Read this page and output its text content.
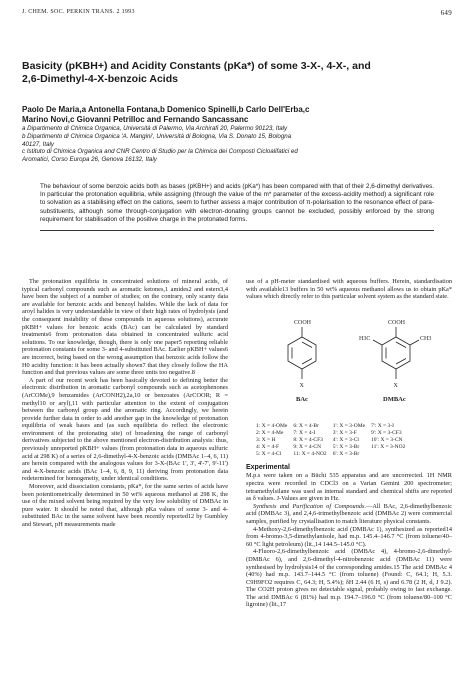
J. CHEM. SOC. PERKIN TRANS. 2 1993	649
Basicity (pKBH+) and Acidity Constants (pKa*) of some 3-X-, 4-X-, and
2,6-Dimethyl-4-X-benzoic Acids
Paolo De Maria,a Antonella Fontana,b Domenico Spinelli,b Carlo Dell'Erba,c
Marino Novi,c Giovanni Petrilloc and Fernando Sancassanc
a Dipartimento di Chimica Organica, Università di Palermo, Via Archirafi 20, Palermo 90123, Italy
b Dipartimento di Chimica Organica 'A. Mangini', Università di Bologna, Via S. Donato 15, Bologna
40127, Italy
c Istituto di Chimica Organica and CNR Centro di Studio per la Chimica dei Composti Cicloalifatici ed
Aromatici, Corso Europa 26, Genova 16132, Italy
The behaviour of some benzoic acids both as bases (pKBH+) and acids (pKa*) has been compared with that of their 2,6-dimethyl derivatives. In particular the protonation equilibria, while assigning (through the value of the m* parameter of the excess-acidity method) a significant role to solvation as a stabilising effect on the cations, seem to further assess a major contribution of π-polarisation to the resonance effect of para-substituents, although some through-conjugation with electron-donating groups cannot be excluded, possibly enforced by the strong requirement for stabilisation of the positive charge in the protonated forms.

The protonation equilibria in concentrated solutions of mineral acids, of typical carbonyl compounds such as aromatic ketones,1 amides2 and esters3,4 have been the subject of a number of studies; on the contrary, only scanty data are available for benzoic acids and benzoyl halides. While the lack of data for aroyl halides is very understandable in view of their high rates of hydrolysis (and the consequent instability of these compounds in aqueous solutions), accurate pKBH+ values for benzoic acids (BAc) can be calculated by standard treatments6 from protonation data obtained in concentrated sulfuric acid solutions. To our knowledge, though, there is only one paper5 reporting reliable protonation constants for some 3- and 4-substituted BAc. Earlier pKBH+ values6 are incorrect, being based on the wrong assumption that benzoic acids follow the H0 acidity function: it has been actually shown7 that they closely follow the HA function and that previous values are some three units too negative.8

A part of our recent work has been basically devoted to defining better the electronic distribution in aromatic carbonyl compounds such as acetophenones (ArCOMe),9 benzamides (ArCONH2),2a,10 or benzoates (ArCOOR; R = methyl10 or aryl),11 with particular attention to the extent of conjugation between the carbonyl group and the aromatic ring. Accordingly, we herein provide further data in order to add another gap in the knowledge of protonation equilibria of weak bases and (as such equilibria do reflect the electronic environment of the protonating site) of broadening the range of carbonyl derivatives subjected to the above mentioned electron-distribution analysis: thus, previously unreported pKBH+ values (from protonation data in aqueous sulfuric acid at 298 K) of a series of 2,6-dimethyl-4-X-benzoic acids (DMBAc 1–4, 6, 11) are herein compared with the analogous values for 3-X-(BAc 1', 3', 4'-7', 9'-11') and 4-X-benzoic acids (BAc 1–4, 6, 8, 9, 11) deriving from protonation data redetermined for homogeneity, under identical conditions.

Moreover, acid dissociation constants, pKa*, for the same series of acids have been potentiometrically determined in 50 wt% aqueous methanol at 298 K, the use of the mixed solvent being required by the very low solubility of DMBAc in pure water. It should be noted that, although pKa values of some 3- and 4-substituted BAc in the same solvent have been recently reported12 by Gumbley and Stewart, pH measurements made

use of a pH-meter standardised with aqueous buffers. Herein, standardisation with available13 buffers in 50 wt% aqueous methanol allows us to obtain pKa* values which directly refer to this particular solvent system as the standard state.

COOH
X
BAc
COOH
H3C	CH3
X
DMBAc
1: X = 4-OMe	6: X = 4-Br	1': X = 3-OMe	7': X = 3-I
2: X = 4-Me	7: X = 4-I	3': X = 3-F	9': X = 3-CF3
3: X = H	8: X = 4-CF3	4': X = 3-Cl	10': X = 3-CN
4: X = 4-F	9: X = 4-CN	5': X = 3-Br	11': X = 3-NO2
5: X = 4-Cl	11: X = 4-NO2	6': X = 3-Br	
Experimental

M.p.s were taken on a Büchi 535 apparatus and are uncorrected. 1H NMR spectra were recorded in CDCl3 on a Varian Gemini 200 spectrometer; tetramethylsilane was used as internal standard and chemical shifts are reported as δ values. J-Values are given in Hz.

Synthesis and Purification of Compounds.—All BAc, 2,6-dimethylbenzoic acid (DMBAc 3), and 2,4,6-trimethylbenzoic acid (DMBAc 2) were commercial samples, purified by crystallisation to match literature physical constants.

4-Methoxy-2,6-dimethylbenzoic acid (DMBAc 1), synthesized as reported14 from 4-bromo-3,5-dimethylanisole, had m.p. 145.4–146.7 °C (from toluene/40–60 °C light petroleum) (lit.,14 144.5–145.0 °C).

4-Fluoro-2,6-dimethylbenzoic acid (DMBAc 4), 4-bromo-2,6-dimethyl-(DMBAc 6), and 2,6-dimethyl-4-nitrobenzoic acid (DMBAc 11) were synthesised by hydrolysis14 of the corresponding amides.15 The acid DMBAc 4 (40%) had m.p. 143.7–144.5 °C (from toluene) (Found: C, 64.1; H, 5.3. C9H9FO2 requires C, 64.3; H, 5.4%); δH 2.44 (6 H, s) and 6.78 (2 H, d, J 9.2). The CO2H proton gives no detectable signal, probably owing to fast exchange. The acid DMBAc 6 (81%) had m.p. 194.7–196.0 °C (from toluene/80–100 °C ligroine) (lit.,17
